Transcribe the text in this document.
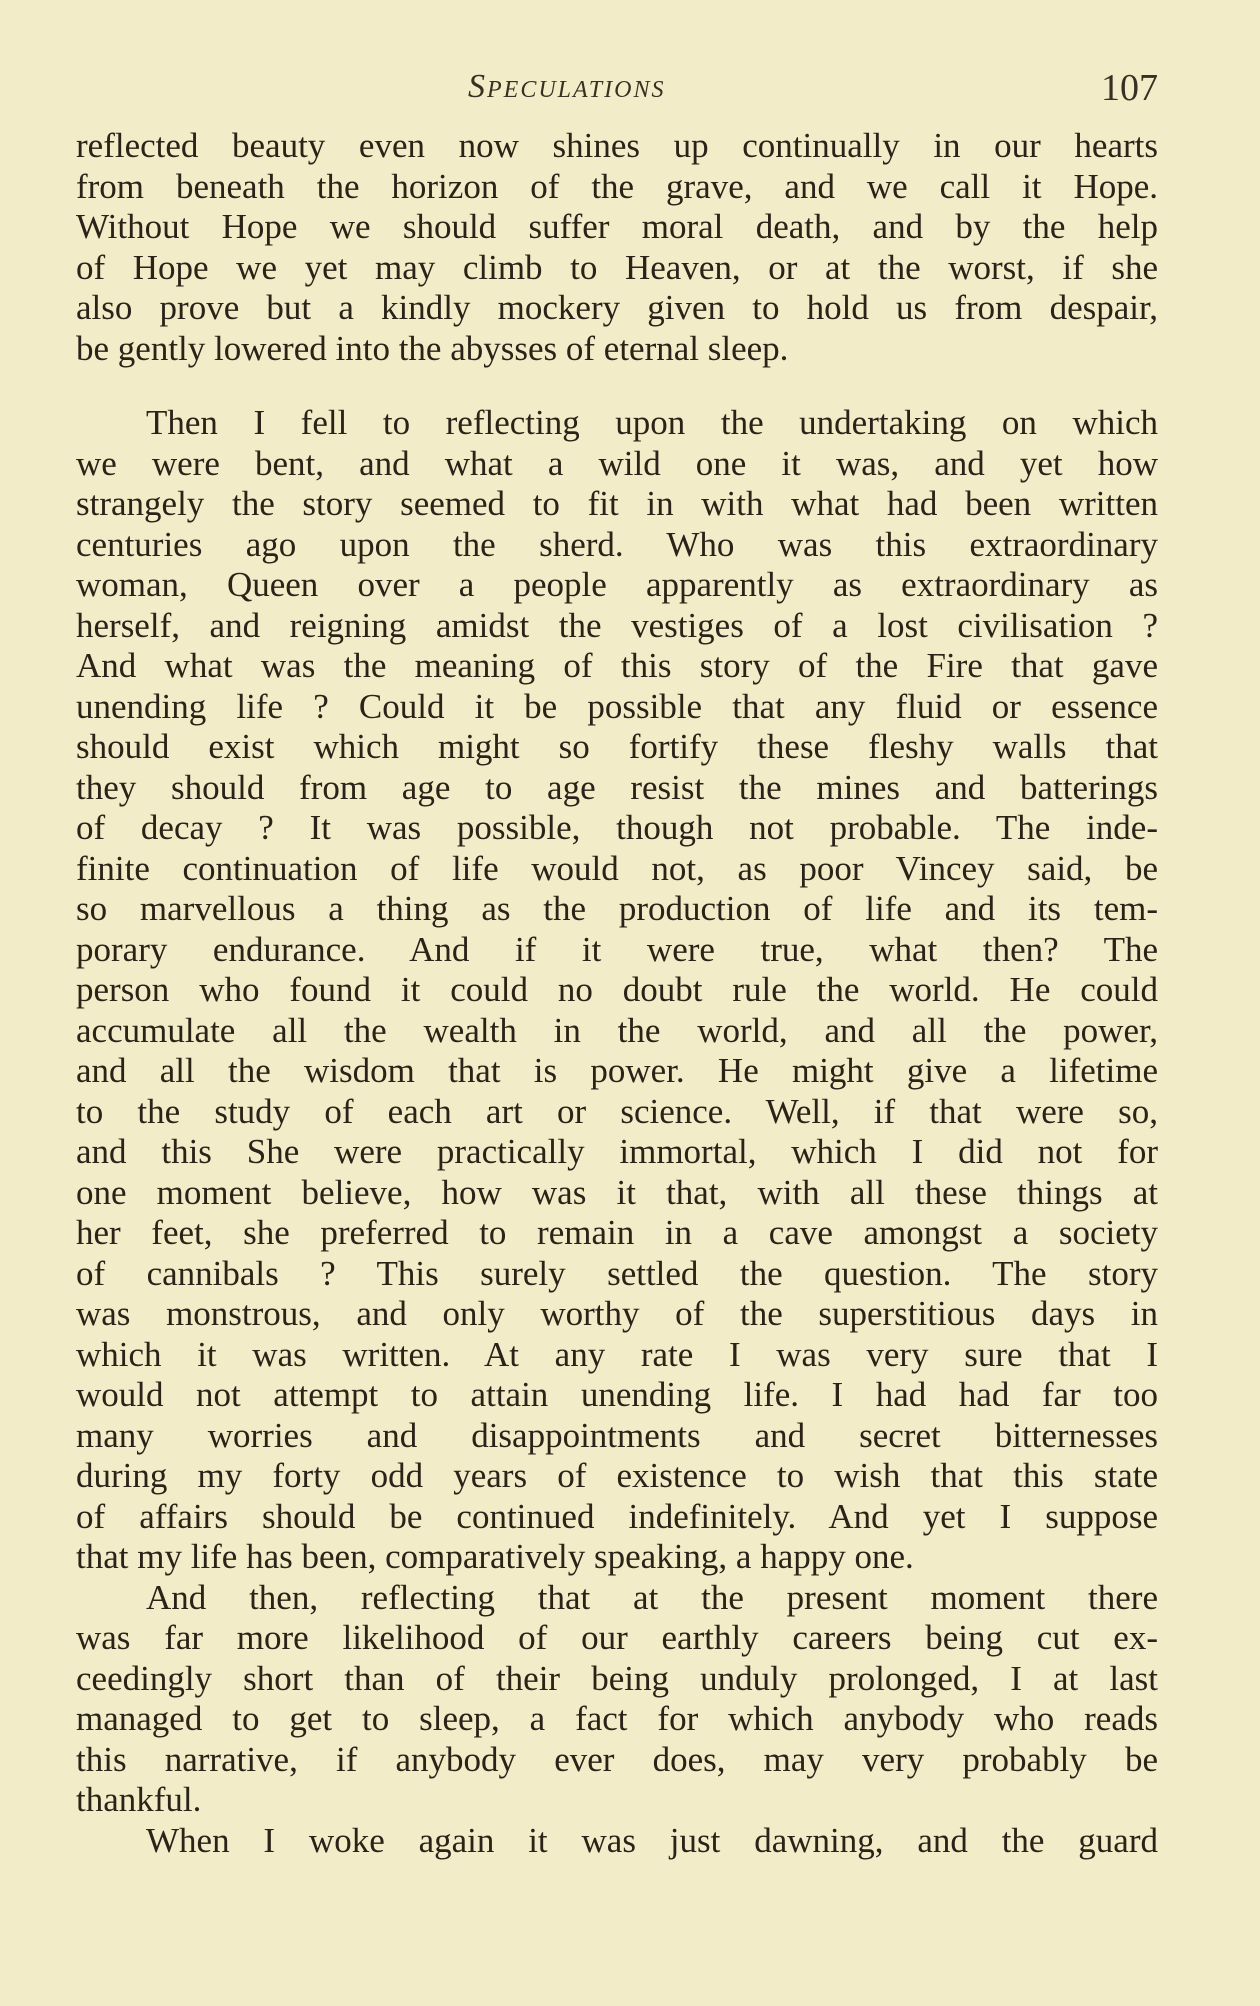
Speculations	107
reflected beauty even now shines up continually in our hearts
from beneath the horizon of the grave, and we call it Hope.
Without Hope we should suffer moral death, and by the help
of Hope we yet may climb to Heaven, or at the worst, if she
also prove but a kindly mockery given to hold us from despair,
be gently lowered into the abysses of eternal sleep.
Then I fell to reflecting upon the undertaking on which
we were bent, and what a wild one it was, and yet how
strangely the story seemed to fit in with what had been written
centuries ago upon the sherd. Who was this extraordinary
woman, Queen over a people apparently as extraordinary as
herself, and reigning amidst the vestiges of a lost civilisation ?
And what was the meaning of this story of the Fire that gave
unending life ? Could it be possible that any fluid or essence
should exist which might so fortify these fleshy walls that
they should from age to age resist the mines and batterings
of decay ? It was possible, though not probable. The inde-
finite continuation of life would not, as poor Vincey said, be
so marvellous a thing as the production of life and its tem-
porary endurance. And if it were true, what then? The
person who found it could no doubt rule the world. He could
accumulate all the wealth in the world, and all the power,
and all the wisdom that is power. He might give a lifetime
to the study of each art or science. Well, if that were so,
and this She were practically immortal, which I did not for
one moment believe, how was it that, with all these things at
her feet, she preferred to remain in a cave amongst a society
of cannibals ? This surely settled the question. The story
was monstrous, and only worthy of the superstitious days in
which it was written. At any rate I was very sure that I
would not attempt to attain unending life. I had had far too
many worries and disappointments and secret bitternesses
during my forty odd years of existence to wish that this state
of affairs should be continued indefinitely. And yet I suppose
that my life has been, comparatively speaking, a happy one.
And then, reflecting that at the present moment there
was far more likelihood of our earthly careers being cut ex-
ceedingly short than of their being unduly prolonged, I at last
managed to get to sleep, a fact for which anybody who reads
this narrative, if anybody ever does, may very probably be
thankful.
When I woke again it was just dawning, and the guard
